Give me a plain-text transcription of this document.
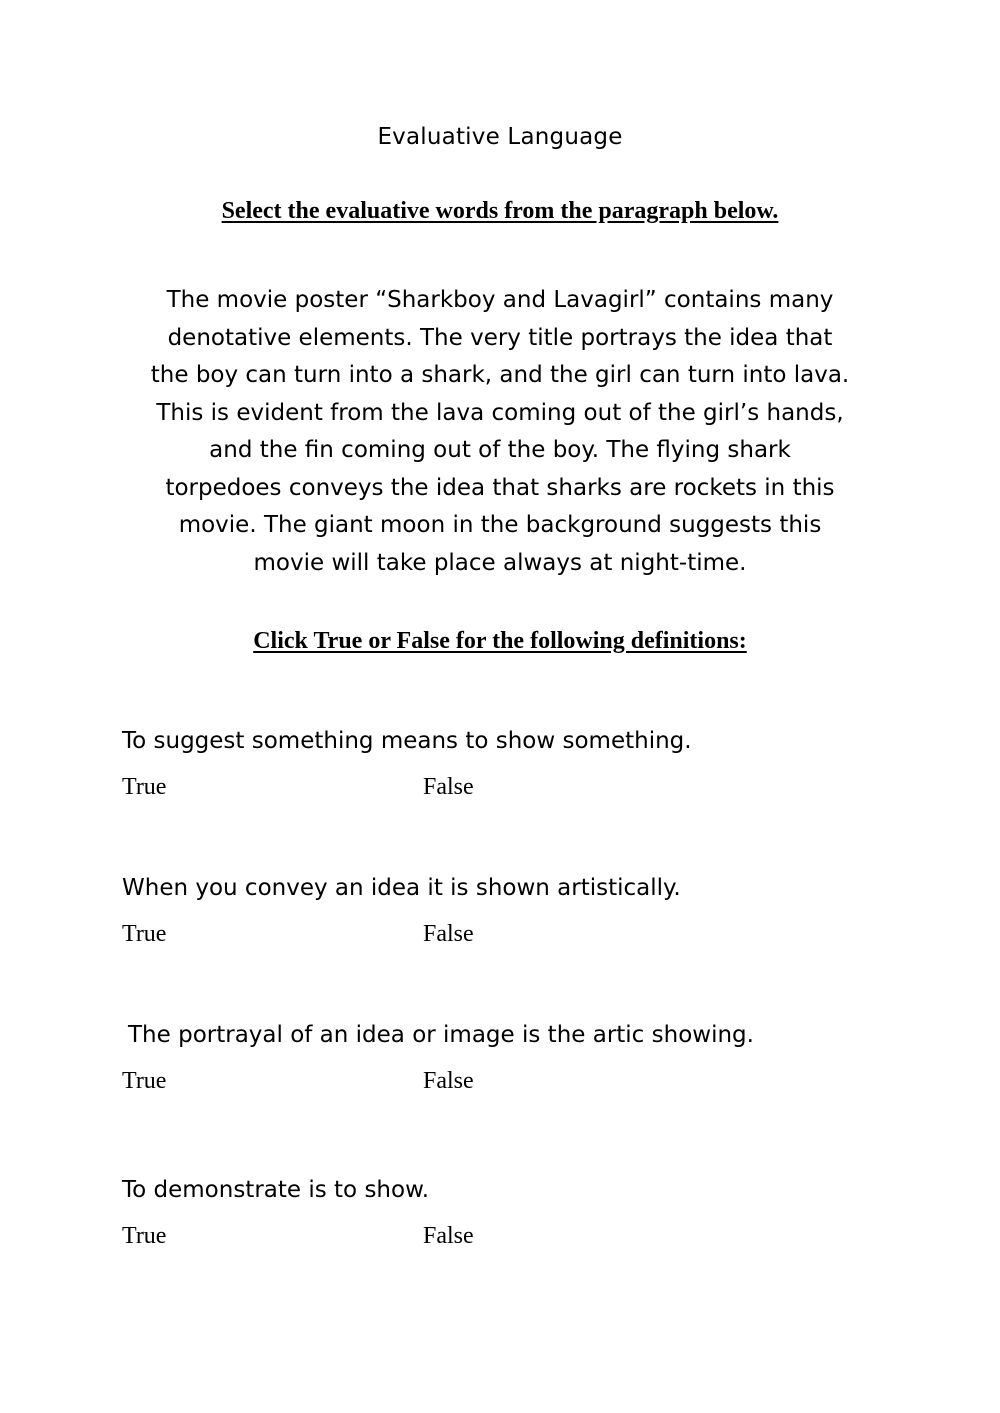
Evaluative Language
Select the evaluative words from the paragraph below.

The movie poster “Sharkboy and Lavagirl” contains many
denotative elements. The very title portrays the idea that
the boy can turn into a shark, and the girl can turn into lava.
This is evident from the lava coming out of the girl’s hands,
and the fin coming out of the boy. The flying shark
torpedoes conveys the idea that sharks are rockets in this
movie. The giant moon in the background suggests this
movie will take place always at night-time.

Click True or False for the following definitions:
To suggest something means to show something.
True	False
When you convey an idea it is shown artistically.
True	False
The portrayal of an idea or image is the artic showing.
True	False
To demonstrate is to show.
True	False
